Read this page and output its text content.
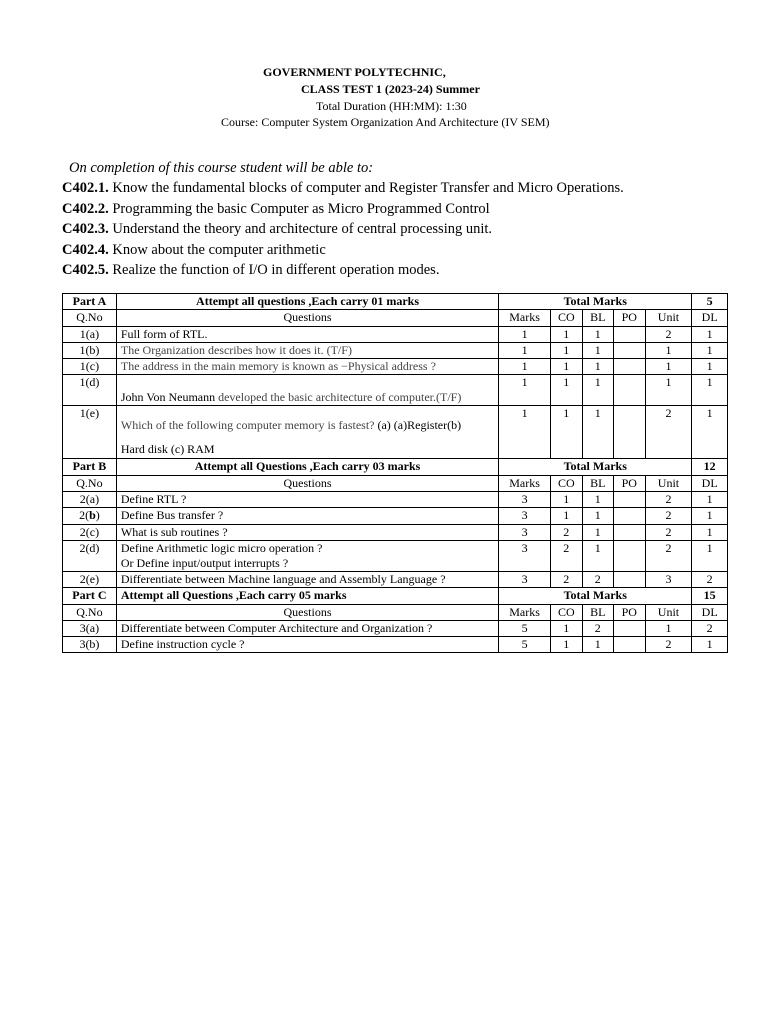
GOVERNMENT POLYTECHNIC,
CLASS TEST 1 (2023-24) Summer
Total Duration (HH:MM): 1:30
Course: Computer System Organization And Architecture (IV SEM)
On completion of this course student will be able to:
C402.1. Know the fundamental blocks of computer and Register Transfer and Micro Operations.
C402.2. Programming the basic Computer as Micro Programmed Control
C402.3. Understand the theory and architecture of central processing unit.
C402.4. Know about the computer arithmetic
C402.5. Realize the function of I/O in different operation modes.
Part A	Attempt all questions ,Each carry 01 marks	Total Marks					5
Q.No	Questions	Marks	CO	BL	PO	Unit	DL
1(a)	Full form of RTL.	1	1	1		2	1
1(b)	The Organization describes how it does it. (T/F)	1	1	1		1	1
1(c)	The address in the main memory is known as −Physical address ?	1	1	1		1	1
1(d)	John Von Neumann developed the basic architecture of computer.(T/F)	1	1	1		1	1
1(e)	Which of the following computer memory is fastest? (a) (a)Register(b)
Hard disk (c) RAM	1	1	1		2	1
Part B	Attempt all Questions ,Each carry 03 marks	Total Marks					12
Q.No	Questions	Marks	CO	BL	PO	Unit	DL
2(a)	Define RTL ?	3	1	1		2	1
2(b)	Define Bus transfer ?	3	1	1		2	1
2(c)	What is sub routines ?	3	2	1		2	1
2(d)	Define Arithmetic logic micro operation ?
Or Define input/output interrupts ?	3	2	1		2	1
2(e)	Differentiate between Machine language and Assembly Language ?	3	2	2		3	2
Part C	Attempt all Questions ,Each carry 05 marks	Total Marks					15
Q.No	Questions	Marks	CO	BL	PO	Unit	DL
3(a)	Differentiate between Computer Architecture and Organization ?	5	1	2		1	2
3(b)	Define instruction cycle ?	5	1	1		2	1
